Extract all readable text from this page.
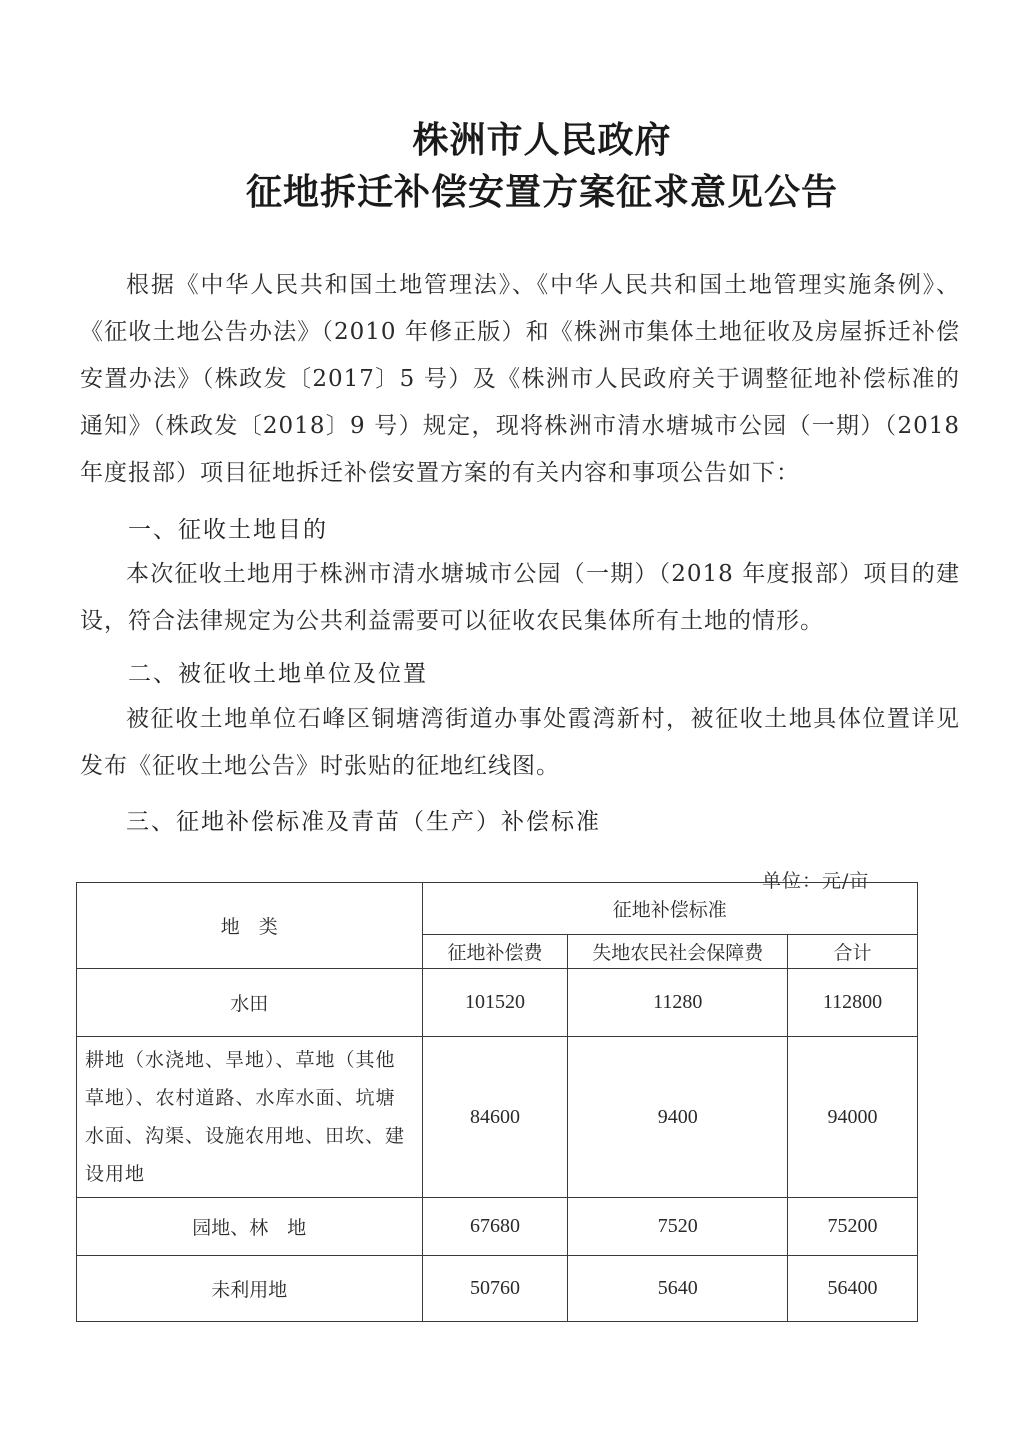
株洲市人民政府
征地拆迁补偿安置方案征求意见公告
根据《中华人民共和国土地管理法》、《中华人民共和国土地管理实施条例》、《征收土地公告办法》（2010 年修正版）和《株洲市集体土地征收及房屋拆迁补偿安置办法》（株政发〔2017〕5 号）及《株洲市人民政府关于调整征地补偿标准的通知》（株政发〔2018〕9 号）规定，现将株洲市清水塘城市公园（一期）（2018 年度报部）项目征地拆迁补偿安置方案的有关内容和事项公告如下：
一、征收土地目的
本次征收土地用于株洲市清水塘城市公园（一期）（2018 年度报部）项目的建设，符合法律规定为公共利益需要可以征收农民集体所有土地的情形。
二、被征收土地单位及位置
被征收土地单位石峰区铜塘湾街道办事处霞湾新村，被征收土地具体位置详见发布《征收土地公告》时张贴的征地红线图。
三、征地补偿标准及青苗（生产）补偿标准
单位：元/亩
地　类	征地补偿标准		
	征地补偿费	失地农民社会保障费	合计
水田	101520	11280	112800
耕地（水浇地、旱地）、草地（其他草地）、农村道路、水库水面、坑塘水面、沟渠、设施农用地、田坎、建设用地	84600	9400	94000
园地、林　地	67680	7520	75200
未利用地	50760	5640	56400
